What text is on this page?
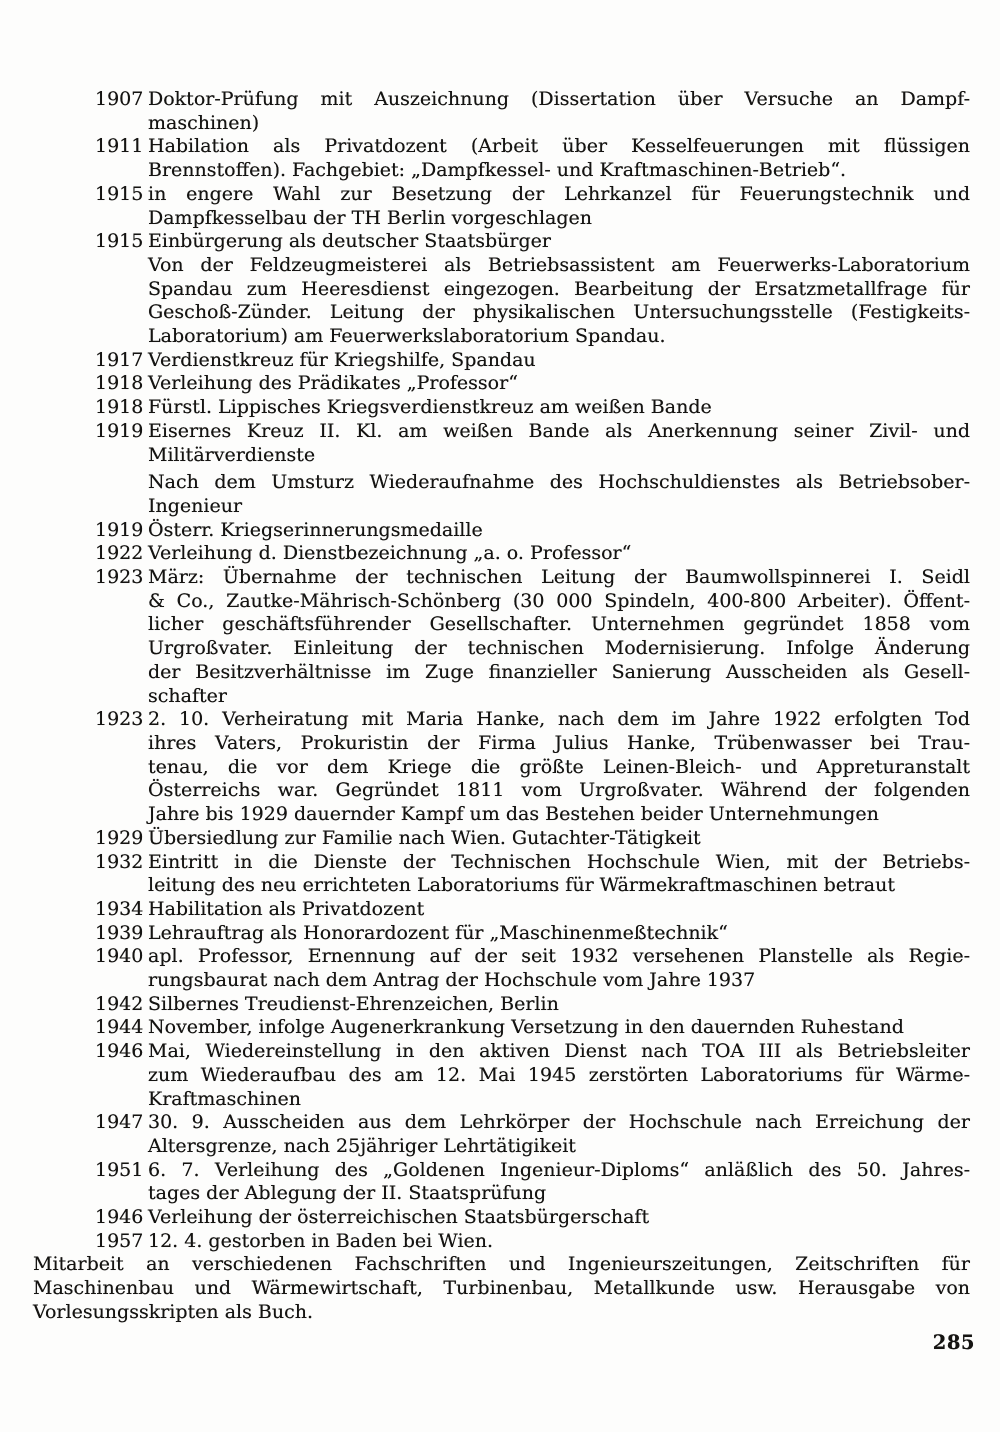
1907 Doktor-Prüfung mit Auszeichnung (Dissertation über Versuche an Dampf-
maschinen)
1911 Habilation als Privatdozent (Arbeit über Kesselfeuerungen mit flüssigen
Brennstoffen). Fachgebiet: „Dampfkessel- und Kraftmaschinen-Betrieb“.
1915 in engere Wahl zur Besetzung der Lehrkanzel für Feuerungstechnik und
Dampfkesselbau der TH Berlin vorgeschlagen
1915 Einbürgerung als deutscher Staatsbürger
Von der Feldzeugmeisterei als Betriebsassistent am Feuerwerks-Laboratorium
Spandau zum Heeresdienst eingezogen. Bearbeitung der Ersatzmetallfrage für
Geschoß-Zünder. Leitung der physikalischen Untersuchungsstelle (Festigkeits-
Laboratorium) am Feuerwerkslaboratorium Spandau.
1917 Verdienstkreuz für Kriegshilfe, Spandau
1918 Verleihung des Prädikates „Professor“
1918 Fürstl. Lippisches Kriegsverdienstkreuz am weißen Bande
1919 Eisernes Kreuz II. Kl. am weißen Bande als Anerkennung seiner Zivil- und
Militärverdienste
Nach dem Umsturz Wiederaufnahme des Hochschuldienstes als Betriebsober-
Ingenieur
1919 Österr. Kriegserinnerungsmedaille
1922 Verleihung d. Dienstbezeichnung „a. o. Professor“
1923 März: Übernahme der technischen Leitung der Baumwollspinnerei I. Seidl
& Co., Zautke-Mährisch-Schönberg (30 000 Spindeln, 400-800 Arbeiter). Öffent-
licher geschäftsführender Gesellschafter. Unternehmen gegründet 1858 vom
Urgroßvater. Einleitung der technischen Modernisierung. Infolge Änderung
der Besitzverhältnisse im Zuge finanzieller Sanierung Ausscheiden als Gesell-
schafter
1923 2. 10. Verheiratung mit Maria Hanke, nach dem im Jahre 1922 erfolgten Tod
ihres Vaters, Prokuristin der Firma Julius Hanke, Trübenwasser bei Trau-
tenau, die vor dem Kriege die größte Leinen-Bleich- und Appreturanstalt
Österreichs war. Gegründet 1811 vom Urgroßvater. Während der folgenden
Jahre bis 1929 dauernder Kampf um das Bestehen beider Unternehmungen
1929 Übersiedlung zur Familie nach Wien. Gutachter-Tätigkeit
1932 Eintritt in die Dienste der Technischen Hochschule Wien, mit der Betriebs-
leitung des neu errichteten Laboratoriums für Wärmekraftmaschinen betraut
1934 Habilitation als Privatdozent
1939 Lehrauftrag als Honorardozent für „Maschinenmeßtechnik“
1940 apl. Professor, Ernennung auf der seit 1932 versehenen Planstelle als Regie-
rungsbaurat nach dem Antrag der Hochschule vom Jahre 1937
1942 Silbernes Treudienst-Ehrenzeichen, Berlin
1944 November, infolge Augenerkrankung Versetzung in den dauernden Ruhestand
1946 Mai, Wiedereinstellung in den aktiven Dienst nach TOA III als Betriebsleiter
zum Wiederaufbau des am 12. Mai 1945 zerstörten Laboratoriums für Wärme-
Kraftmaschinen
1947 30. 9. Ausscheiden aus dem Lehrkörper der Hochschule nach Erreichung der
Altersgrenze, nach 25jähriger Lehrtätigikeit
1951 6. 7. Verleihung des „Goldenen Ingenieur-Diploms“ anläßlich des 50. Jahres-
tages der Ablegung der II. Staatsprüfung
1946 Verleihung der österreichischen Staatsbürgerschaft
1957 12. 4. gestorben in Baden bei Wien.
Mitarbeit an verschiedenen Fachschriften und Ingenieurszeitungen, Zeitschriften für
Maschinenbau und Wärmewirtschaft, Turbinenbau, Metallkunde usw. Herausgabe von
Vorlesungsskripten als Buch.
285
